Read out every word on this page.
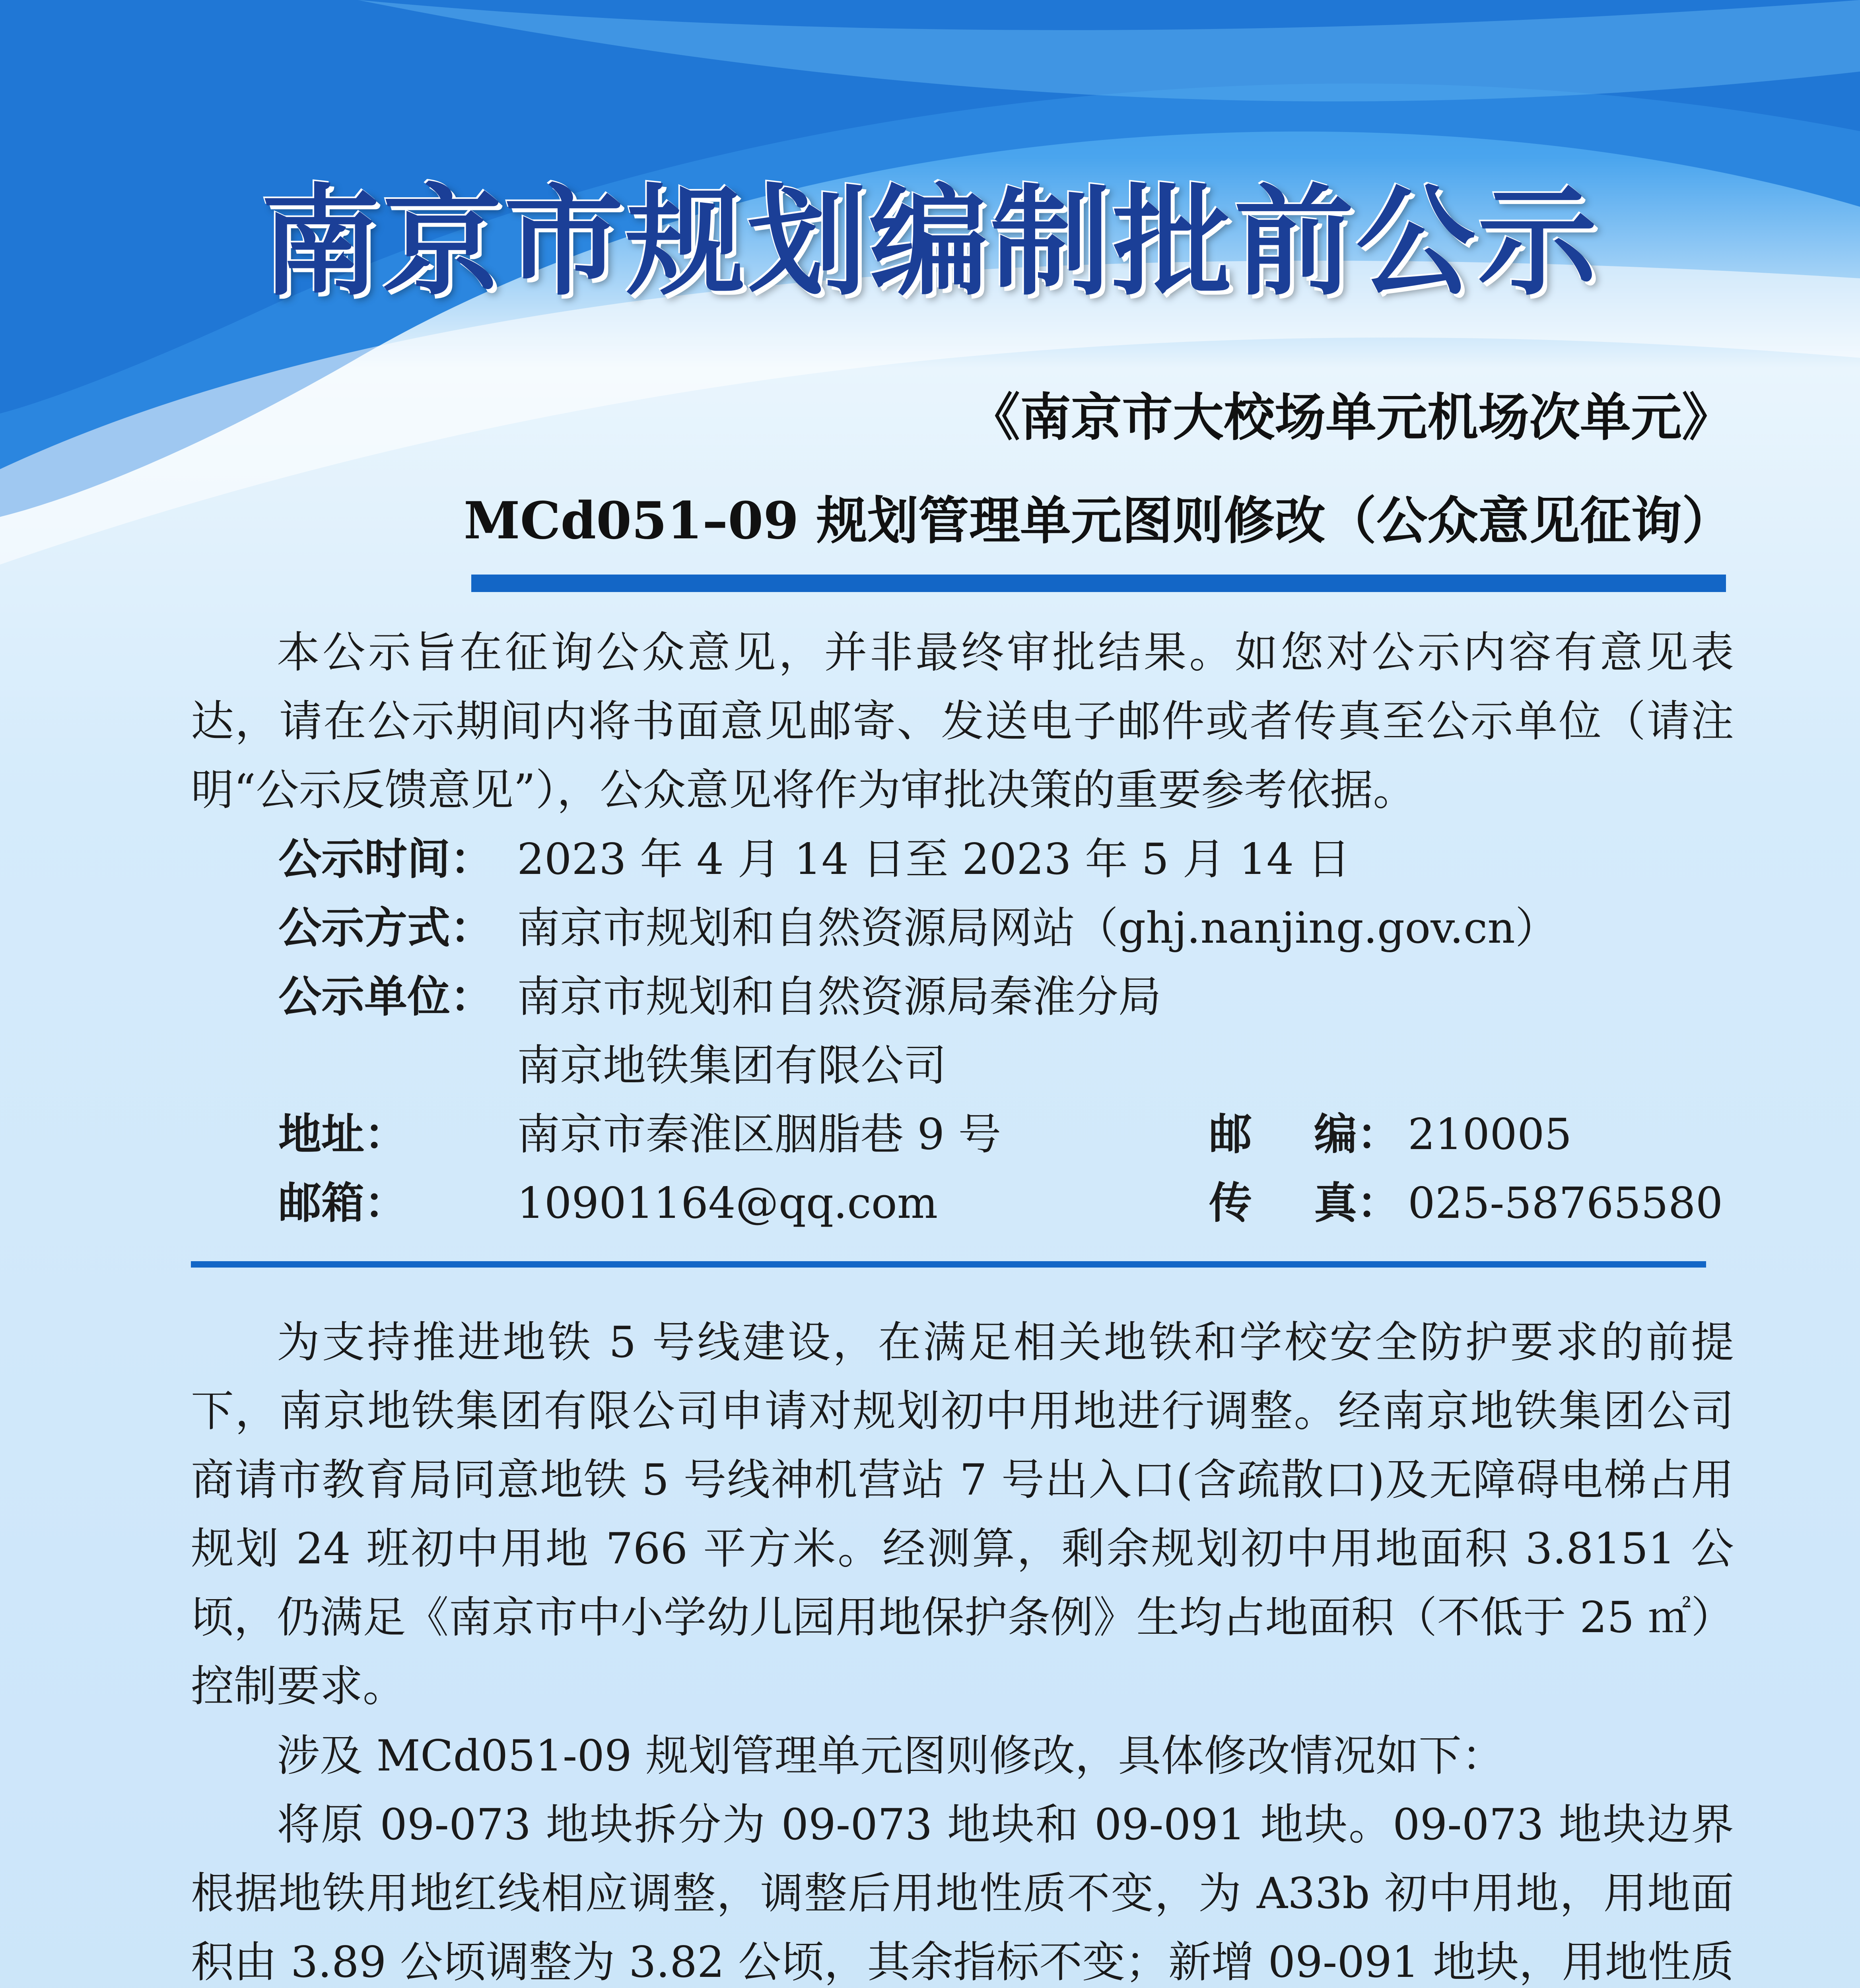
南京市规划编制批前公示
《南京市大校场单元机场次单元》
MCd051–09 规划管理单元图则修改（公众意见征询）

本公示旨在征询公众意见，并非最终审批结果。如您对公示内容有意见表达，请在公示期间内将书面意见邮寄、发送电子邮件或者传真至公示单位（请注明“公示反馈意见”），公众意见将作为审批决策的重要参考依据。

公示时间： 2023 年 4 月 14 日至 2023 年 5 月 14 日
公示方式： 南京市规划和自然资源局网站（ghj.nanjing.gov.cn）
公示单位： 南京市规划和自然资源局秦淮分局
南京地铁集团有限公司
地址：	南京市秦淮区胭脂巷 9 号	邮 编： 210005
邮箱：	10901164@qq.com	传 真： 025-58765580

为支持推进地铁 5 号线建设，在满足相关地铁和学校安全防护要求的前提下，南京地铁集团有限公司申请对规划初中用地进行调整。经南京地铁集团公司商请市教育局同意地铁 5 号线神机营站 7 号出入口(含疏散口)及无障碍电梯占用规划 24 班初中用地 766 平方米。经测算，剩余规划初中用地面积 3.8151 公顷，仍满足《南京市中小学幼儿园用地保护条例》生均占地面积（不低于 25 ㎡）控制要求。

涉及 MCd051-09 规划管理单元图则修改，具体修改情况如下：

将原 09-073 地块拆分为 09-073 地块和 09-091 地块。09-073 地块边界根据地铁用地红线相应调整，调整后用地性质不变，为 A33b 初中用地，用地面积由 3.89 公顷调整为 3.82 公顷，其余指标不变；新增 09-091 地块，用地性质
